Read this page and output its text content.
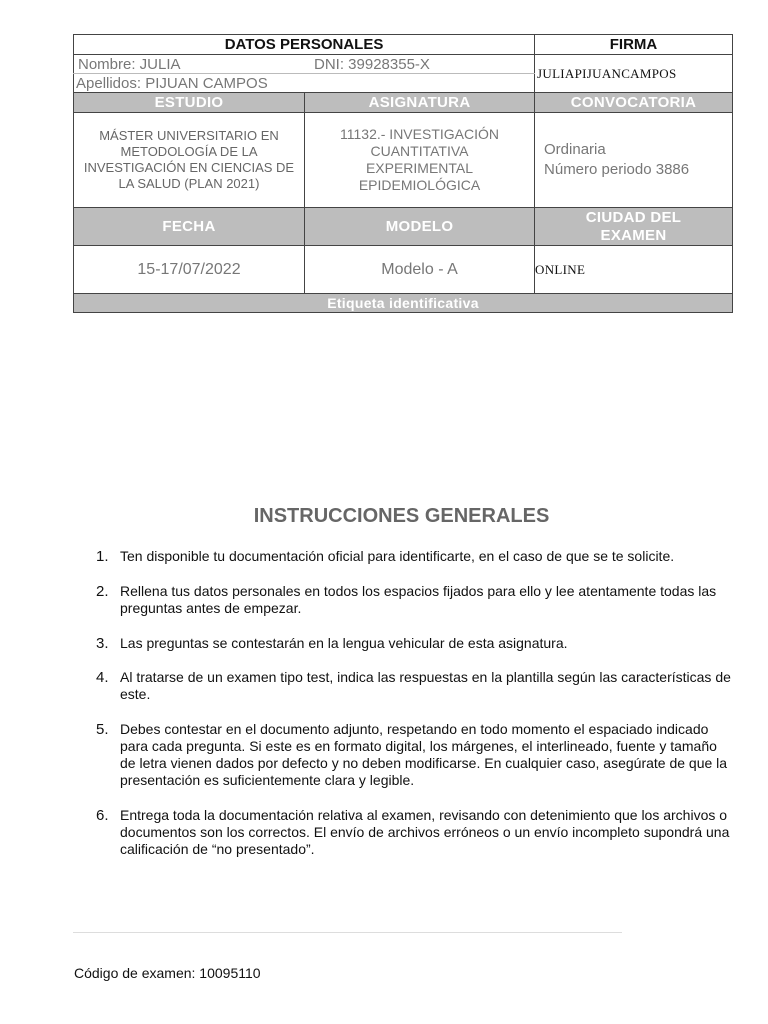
DATOS PERSONALES		FIRMA

Nombre: JULIA DNI: 39928355-X		JULIAPIJUANCAMPOS
Apellidos: PIJUAN CAMPOS		
ESTUDIO	ASIGNATURA	CONVOCATORIA
MÁSTER UNIVERSITARIO EN METODOLOGÍA DE LA INVESTIGACIÓN EN CIENCIAS DE LA SALUD (PLAN 2021)	11132.- INVESTIGACIÓN CUANTITATIVA EXPERIMENTAL EPIDEMIOLÓGICA	Ordinaria
Número periodo 3886

FECHA	MODELO	CIUDAD DEL EXAMEN
15-17/07/2022	Modelo - A	ONLINE
Etiqueta identificativa		
INSTRUCCIONES GENERALES
1. Ten disponible tu documentación oficial para identificarte, en el caso de que se te solicite.
2. Rellena tus datos personales en todos los espacios fijados para ello y lee atentamente todas las preguntas antes de empezar.
3. Las preguntas se contestarán en la lengua vehicular de esta asignatura.
4. Al tratarse de un examen tipo test, indica las respuestas en la plantilla según las características de este.
5. Debes contestar en el documento adjunto, respetando en todo momento el espaciado indicado para cada pregunta. Si este es en formato digital, los márgenes, el interlineado, fuente y tamaño de letra vienen dados por defecto y no deben modificarse. En cualquier caso, asegúrate de que la presentación es suficientemente clara y legible.
6. Entrega toda la documentación relativa al examen, revisando con detenimiento que los archivos o documentos son los correctos. El envío de archivos erróneos o un envío incompleto supondrá una calificación de “no presentado”.
Código de examen: 10095110
